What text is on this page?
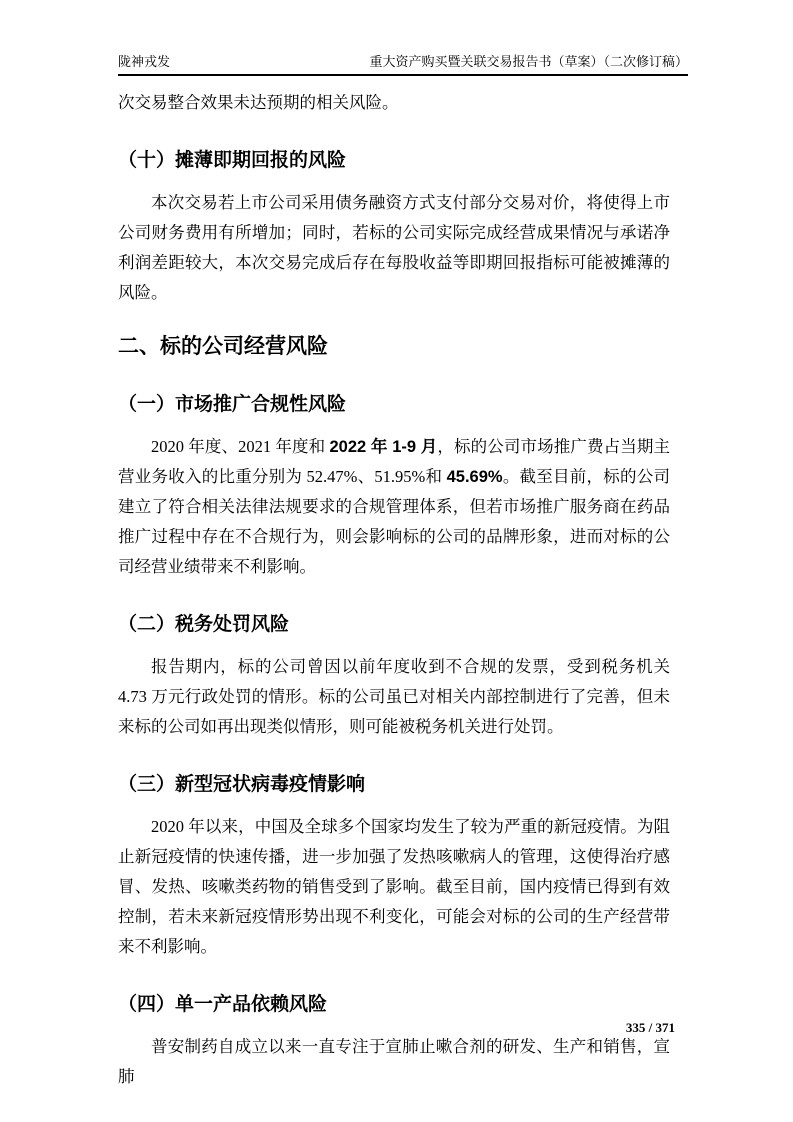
陇神戎发	重大资产购买暨关联交易报告书（草案）（二次修订稿）

次交易整合效果未达预期的相关风险。

（十）摊薄即期回报的风险

本次交易若上市公司采用债务融资方式支付部分交易对价，将使得上市公司财务费用有所增加；同时，若标的公司实际完成经营成果情况与承诺净利润差距较大，本次交易完成后存在每股收益等即期回报指标可能被摊薄的风险。

二、标的公司经营风险
（一）市场推广合规性风险

2020 年度、2021 年度和 2022 年 1-9 月，标的公司市场推广费占当期主营业务收入的比重分别为 52.47%、51.95%和 45.69%。截至目前，标的公司建立了符合相关法律法规要求的合规管理体系，但若市场推广服务商在药品推广过程中存在不合规行为，则会影响标的公司的品牌形象，进而对标的公司经营业绩带来不利影响。

（二）税务处罚风险

报告期内，标的公司曾因以前年度收到不合规的发票，受到税务机关 4.73 万元行政处罚的情形。标的公司虽已对相关内部控制进行了完善，但未来标的公司如再出现类似情形，则可能被税务机关进行处罚。

（三）新型冠状病毒疫情影响

2020 年以来，中国及全球多个国家均发生了较为严重的新冠疫情。为阻止新冠疫情的快速传播，进一步加强了发热咳嗽病人的管理，这使得治疗感冒、发热、咳嗽类药物的销售受到了影响。截至目前，国内疫情已得到有效控制，若未来新冠疫情形势出现不利变化，可能会对标的公司的生产经营带来不利影响。

（四）单一产品依赖风险

普安制药自成立以来一直专注于宣肺止嗽合剂的研发、生产和销售，宣肺

335 / 371
